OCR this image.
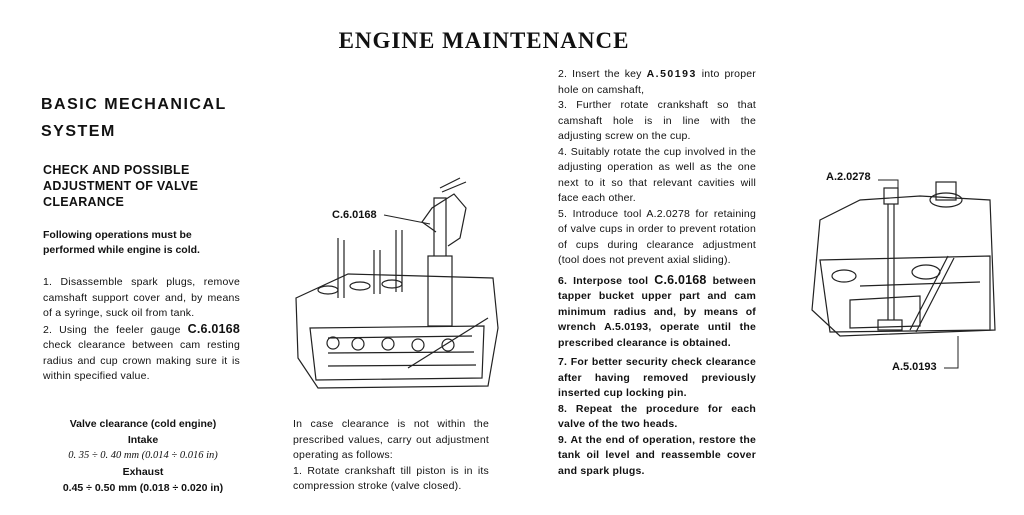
ENGINE MAINTENANCE
BASIC MECHANICAL
SYSTEM
CHECK AND POSSIBLE
ADJUSTMENT OF VALVE
CLEARANCE
Following operations must be performed while engine is cold.

1. Disassemble spark plugs, remove camshaft support cover and, by means of a syringe, suck oil from tank.

2. Using the feeler gauge C.6.0168 check clearance between cam resting radius and cup crown making sure it is within specified value.

Valve clearance (cold engine)
Intake
0. 35 ÷ 0. 40 mm (0.014 ÷ 0.016 in)
Exhaust
0.45 ÷ 0.50 mm (0.018 ÷ 0.020 in)

In case clearance is not within the prescribed values, carry out adjustment operating as follows:

1. Rotate crankshaft till piston is in its compression stroke (valve closed).

2. Insert the key A.50193 into proper hole on camshaft,

3. Further rotate crankshaft so that camshaft hole is in line with the adjusting screw on the cup.

4. Suitably rotate the cup involved in the adjusting operation as well as the one next to it so that relevant cavities will face each other.

5. Introduce tool A.2.0278 for retaining of valve cups in order to prevent rotation of cups during clearance adjustment (tool does not prevent axial sliding).

6. Interpose tool C.6.0168 between tapper bucket upper part and cam minimum radius and, by means of wrench A.5.0193, operate until the prescribed clearance is obtained.

7. For better security check clearance after having removed previously inserted cup locking pin.

8. Repeat the procedure for each valve of the two heads.

9. At the end of operation, restore the tank oil level and reassemble cover and spark plugs.

C.6.0168
A.2.0278
A.5.0193
